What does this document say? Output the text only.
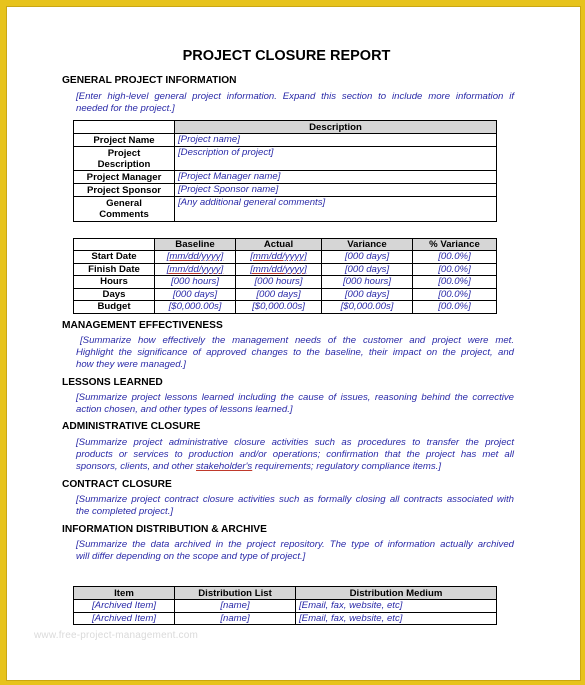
PROJECT CLOSURE REPORT
GENERAL PROJECT INFORMATION
[Enter high-level general project information. Expand this section to include more information if
needed for the project.]
	Description
Project Name	[Project name]
Project
Description	[Description of project]
Project Manager	[Project Manager name]
Project Sponsor	[Project Sponsor name]
General
Comments	[Any additional general comments]
	Baseline	Actual	Variance	% Variance
Start Date	[mm/dd/yyyy]	[mm/dd/yyyy]	[000 days]	[00.0%]
Finish Date	[mm/dd/yyyy]	[mm/dd/yyyy]	[000 days]	[00.0%]
Hours	[000 hours]	[000 hours]	[000 hours]	[00.0%]
Days	[000 days]	[000 days]	[000 days]	[00.0%]
Budget	[$0,000.00s]	[$0,000.00s]	[$0,000.00s]	[00.0%]
MANAGEMENT EFFECTIVENESS
[Summarize how effectively the management needs of the customer and project were met.
Highlight the significance of approved changes to the baseline, their impact on the project, and
how they were managed.]
LESSONS LEARNED
[Summarize project lessons learned including the cause of issues, reasoning behind the corrective
action chosen, and other types of lessons learned.]
ADMINISTRATIVE CLOSURE
[Summarize project administrative closure activities such as procedures to transfer the project
products or services to production and/or operations; confirmation that the project has met all
sponsors, clients, and other stakeholder's requirements; regulatory compliance items.]
CONTRACT CLOSURE
[Summarize project contract closure activities such as formally closing all contracts associated with
the completed project.]
INFORMATION DISTRIBUTION & ARCHIVE
[Summarize the data archived in the project repository. The type of information actually archived
will differ depending on the scope and type of project.]
Item	Distribution List	Distribution Medium
[Archived Item]	[name]	[Email, fax, website, etc]
[Archived Item]	[name]	[Email, fax, website, etc]
www.free-project-management.com
